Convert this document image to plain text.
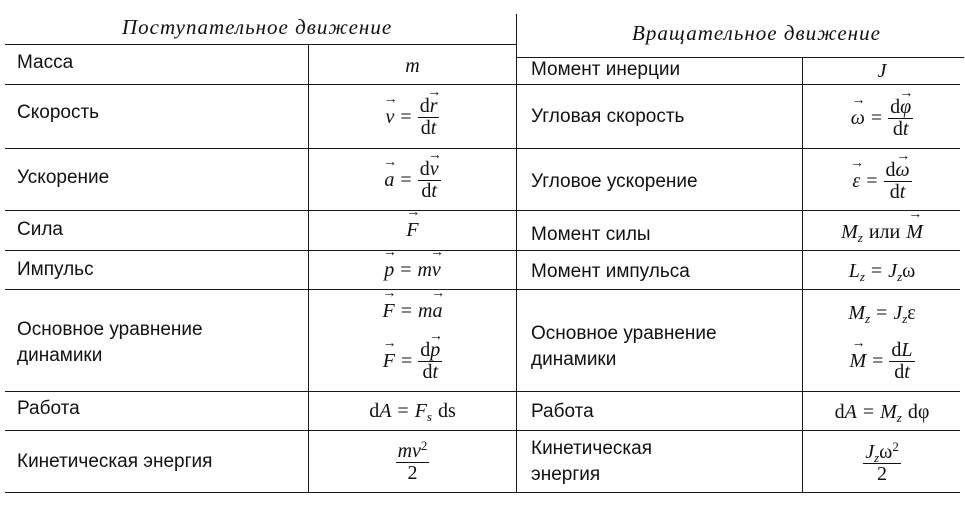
Поступательное движение	Вращательное движение
Масса
Скорость
Ускорение
Сила
Импульс
Основное уравнение
динамики
Работа
Кинетическая энергия
Момент инерции
Угловая скорость
Угловое ускорение
Момент силы
Момент импульса
Основное уравнение
динамики
Работа
Кинетическая
энергия
m
v → = $\frac{dr \to}{dt}$
a → = $\frac{dv \to}{dt}$
F →
p → = mv →
F → = ma →
F → = $\frac{dp \to}{dt}$
dA = $F_s$ ds
$\frac{mv^2}{2}$
J
ω → = $\frac{d\varphi \to}{dt}$
ε → = $\frac{d\omega \to}{dt}$
$M_z$ или M →
$L_z = J_z\omega$
$M_z = J_z\varepsilon$
M → = $\frac{dL}{dt}$
dA = $M_z$ dφ
$\frac{J_z\omega^2}{2}$
